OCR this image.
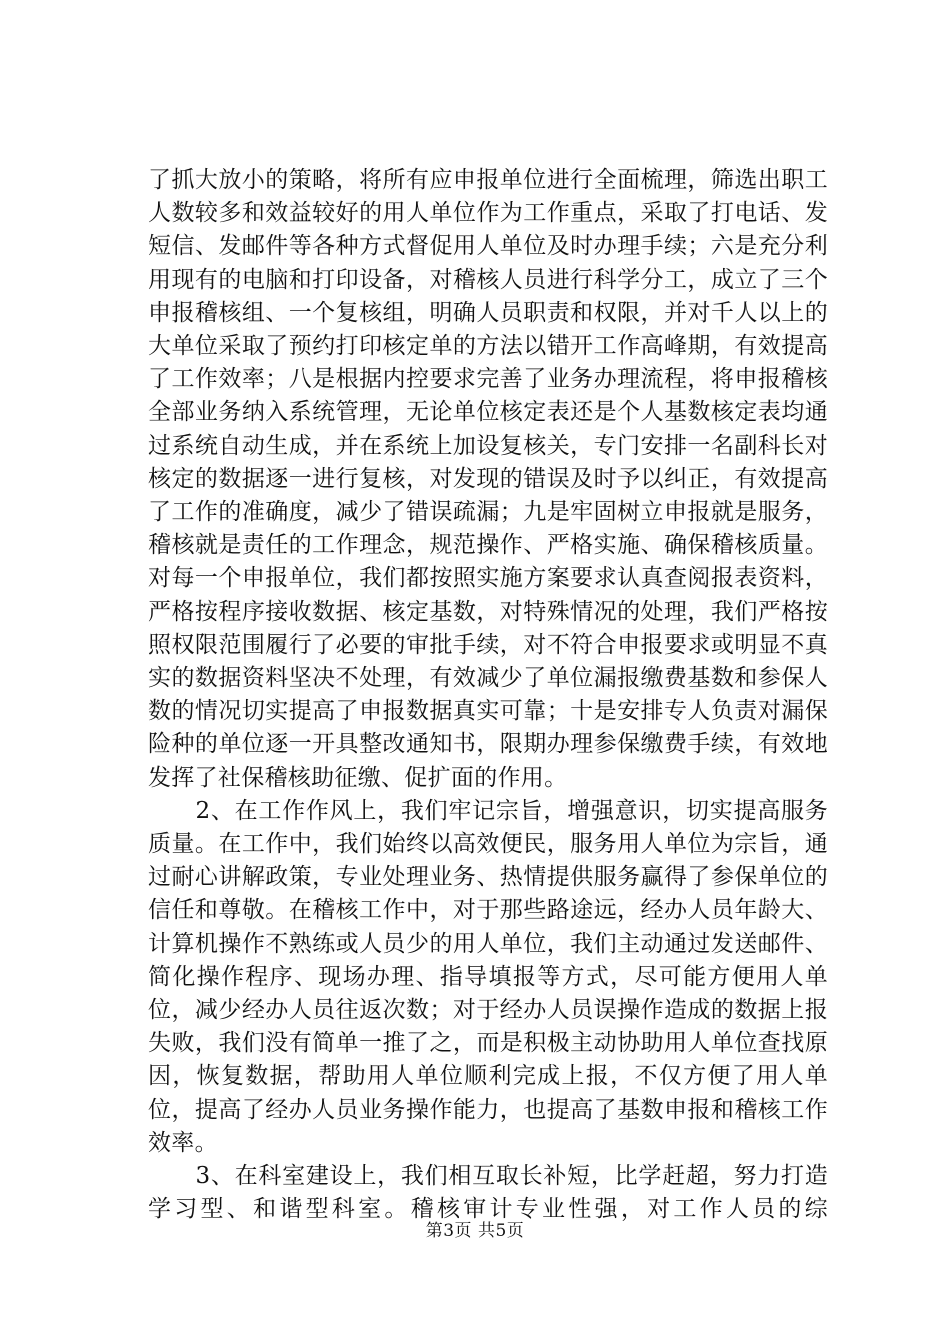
了抓大放小的策略，将所有应申报单位进行全面梳理，筛选出职工人数较多和效益较好的用人单位作为工作重点，采取了打电话、发短信、发邮件等各种方式督促用人单位及时办理手续；六是充分利用现有的电脑和打印设备，对稽核人员进行科学分工，成立了三个申报稽核组、一个复核组，明确人员职责和权限，并对千人以上的大单位采取了预约打印核定单的方法以错开工作高峰期，有效提高了工作效率；八是根据内控要求完善了业务办理流程，将申报稽核全部业务纳入系统管理，无论单位核定表还是个人基数核定表均通过系统自动生成，并在系统上加设复核关，专门安排一名副科长对核定的数据逐一进行复核，对发现的错误及时予以纠正，有效提高了工作的准确度，减少了错误疏漏；九是牢固树立申报就是服务，稽核就是责任的工作理念，规范操作、严格实施、确保稽核质量。对每一个申报单位，我们都按照实施方案要求认真查阅报表资料，严格按程序接收数据、核定基数，对特殊情况的处理，我们严格按照权限范围履行了必要的审批手续，对不符合申报要求或明显不真实的数据资料坚决不处理，有效减少了单位漏报缴费基数和参保人数的情况切实提高了申报数据真实可靠；十是安排专人负责对漏保险种的单位逐一开具整改通知书，限期办理参保缴费手续，有效地发挥了社保稽核助征缴、促扩面的作用。

　　2、在工作作风上，我们牢记宗旨，增强意识，切实提高服务质量。在工作中，我们始终以高效便民，服务用人单位为宗旨，通过耐心讲解政策，专业处理业务、热情提供服务赢得了参保单位的信任和尊敬。在稽核工作中，对于那些路途远，经办人员年龄大、计算机操作不熟练或人员少的用人单位，我们主动通过发送邮件、简化操作程序、现场办理、指导填报等方式，尽可能方便用人单位，减少经办人员往返次数；对于经办人员误操作造成的数据上报失败，我们没有简单一推了之，而是积极主动协助用人单位查找原因，恢复数据，帮助用人单位顺利完成上报，不仅方便了用人单位，提高了经办人员业务操作能力，也提高了基数申报和稽核工作效率。

　　3、在科室建设上，我们相互取长补短，比学赶超，努力打造学习型、和谐型科室。稽核审计专业性强，对工作人员的综

第3页 共5页
